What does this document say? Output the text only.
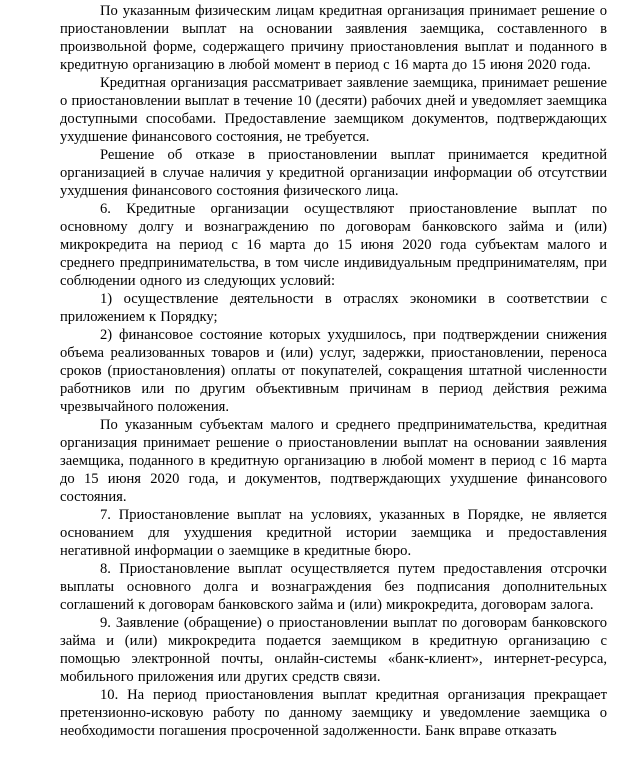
По указанным физическим лицам кредитная организация принимает решение о приостановлении выплат на основании заявления заемщика, составленного в произвольной форме, содержащего причину приостановления выплат и поданного в кредитную организацию в любой момент в период с 16 марта до 15 июня 2020 года.

Кредитная организация рассматривает заявление заемщика, принимает решение о приостановлении выплат в течение 10 (десяти) рабочих дней и уведомляет заемщика доступными способами. Предоставление заемщиком документов, подтверждающих ухудшение финансового состояния, не требуется.

Решение об отказе в приостановлении выплат принимается кредитной организацией в случае наличия у кредитной организации информации об отсутствии ухудшения финансового состояния физического лица.

6. Кредитные организации осуществляют приостановление выплат по основному долгу и вознаграждению по договорам банковского займа и (или) микрокредита на период с 16 марта до 15 июня 2020 года субъектам малого и среднего предпринимательства, в том числе индивидуальным предпринимателям, при соблюдении одного из следующих условий:

1) осуществление деятельности в отраслях экономики в соответствии с приложением к Порядку;

2) финансовое состояние которых ухудшилось, при подтверждении снижения объема реализованных товаров и (или) услуг, задержки, приостановлении, переноса сроков (приостановления) оплаты от покупателей, сокращения штатной численности работников или по другим объективным причинам в период действия режима чрезвычайного положения.

По указанным субъектам малого и среднего предпринимательства, кредитная организация принимает решение о приостановлении выплат на основании заявления заемщика, поданного в кредитную организацию в любой момент в период с 16 марта до 15 июня 2020 года, и документов, подтверждающих ухудшение финансового состояния.

7. Приостановление выплат на условиях, указанных в Порядке, не является основанием для ухудшения кредитной истории заемщика и предоставления негативной информации о заемщике в кредитные бюро.

8. Приостановление выплат осуществляется путем предоставления отсрочки выплаты основного долга и вознаграждения без подписания дополнительных соглашений к договорам банковского займа и (или) микрокредита, договорам залога.

9. Заявление (обращение) о приостановлении выплат по договорам банковского займа и (или) микрокредита подается заемщиком в кредитную организацию с помощью электронной почты, онлайн-системы «банк-клиент», интернет-ресурса, мобильного приложения или других средств связи.

10. На период приостановления выплат кредитная организация прекращает претензионно-исковую работу по данному заемщику и уведомление заемщика о необходимости погашения просроченной задолженности. Банк вправе отказать
